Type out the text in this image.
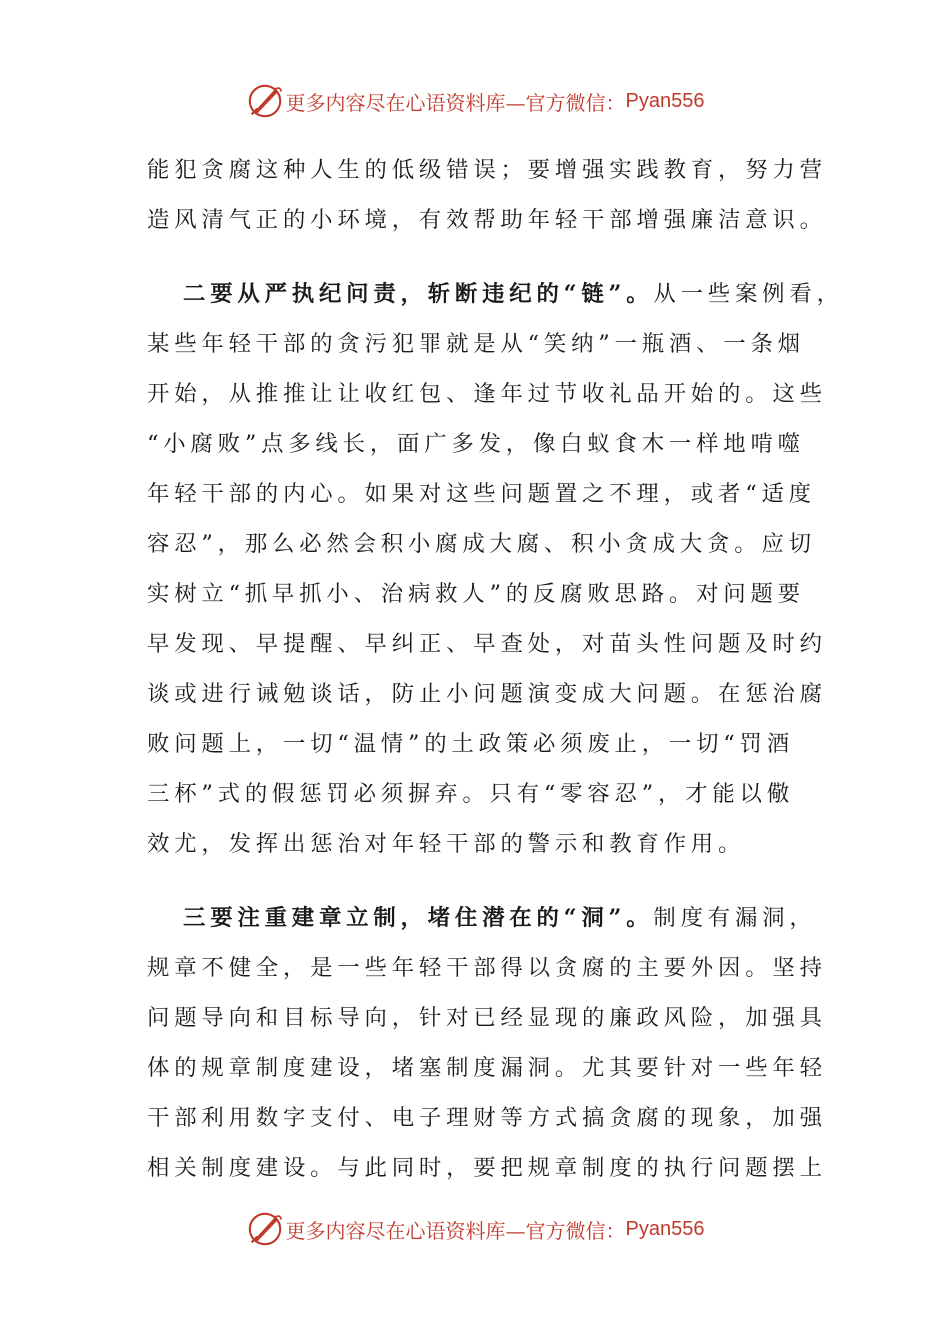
更多内容尽在心语资料库—官方微信： Pyan556
能犯贪腐这种人生的低级错误；要增强实践教育，努力营
造风清气正的小环境，有效帮助年轻干部增强廉洁意识。
二要从严执纪问责，斩断违纪的“链”。从一些案例看，
某些年轻干部的贪污犯罪就是从“笑纳”一瓶酒、一条烟
开始，从推推让让收红包、逢年过节收礼品开始的。这些
“小腐败”点多线长，面广多发，像白蚁食木一样地啃噬
年轻干部的内心。如果对这些问题置之不理，或者“适度
容忍”，那么必然会积小腐成大腐、积小贪成大贪。应切
实树立“抓早抓小、治病救人”的反腐败思路。对问题要
早发现、早提醒、早纠正、早查处，对苗头性问题及时约
谈或进行诫勉谈话，防止小问题演变成大问题。在惩治腐
败问题上，一切“温情”的土政策必须废止，一切“罚酒
三杯”式的假惩罚必须摒弃。只有“零容忍”，才能以儆
效尤，发挥出惩治对年轻干部的警示和教育作用。
三要注重建章立制，堵住潜在的“洞”。制度有漏洞，
规章不健全，是一些年轻干部得以贪腐的主要外因。坚持
问题导向和目标导向，针对已经显现的廉政风险，加强具
体的规章制度建设，堵塞制度漏洞。尤其要针对一些年轻
干部利用数字支付、电子理财等方式搞贪腐的现象，加强
相关制度建设。与此同时，要把规章制度的执行问题摆上
更多内容尽在心语资料库—官方微信： Pyan556
